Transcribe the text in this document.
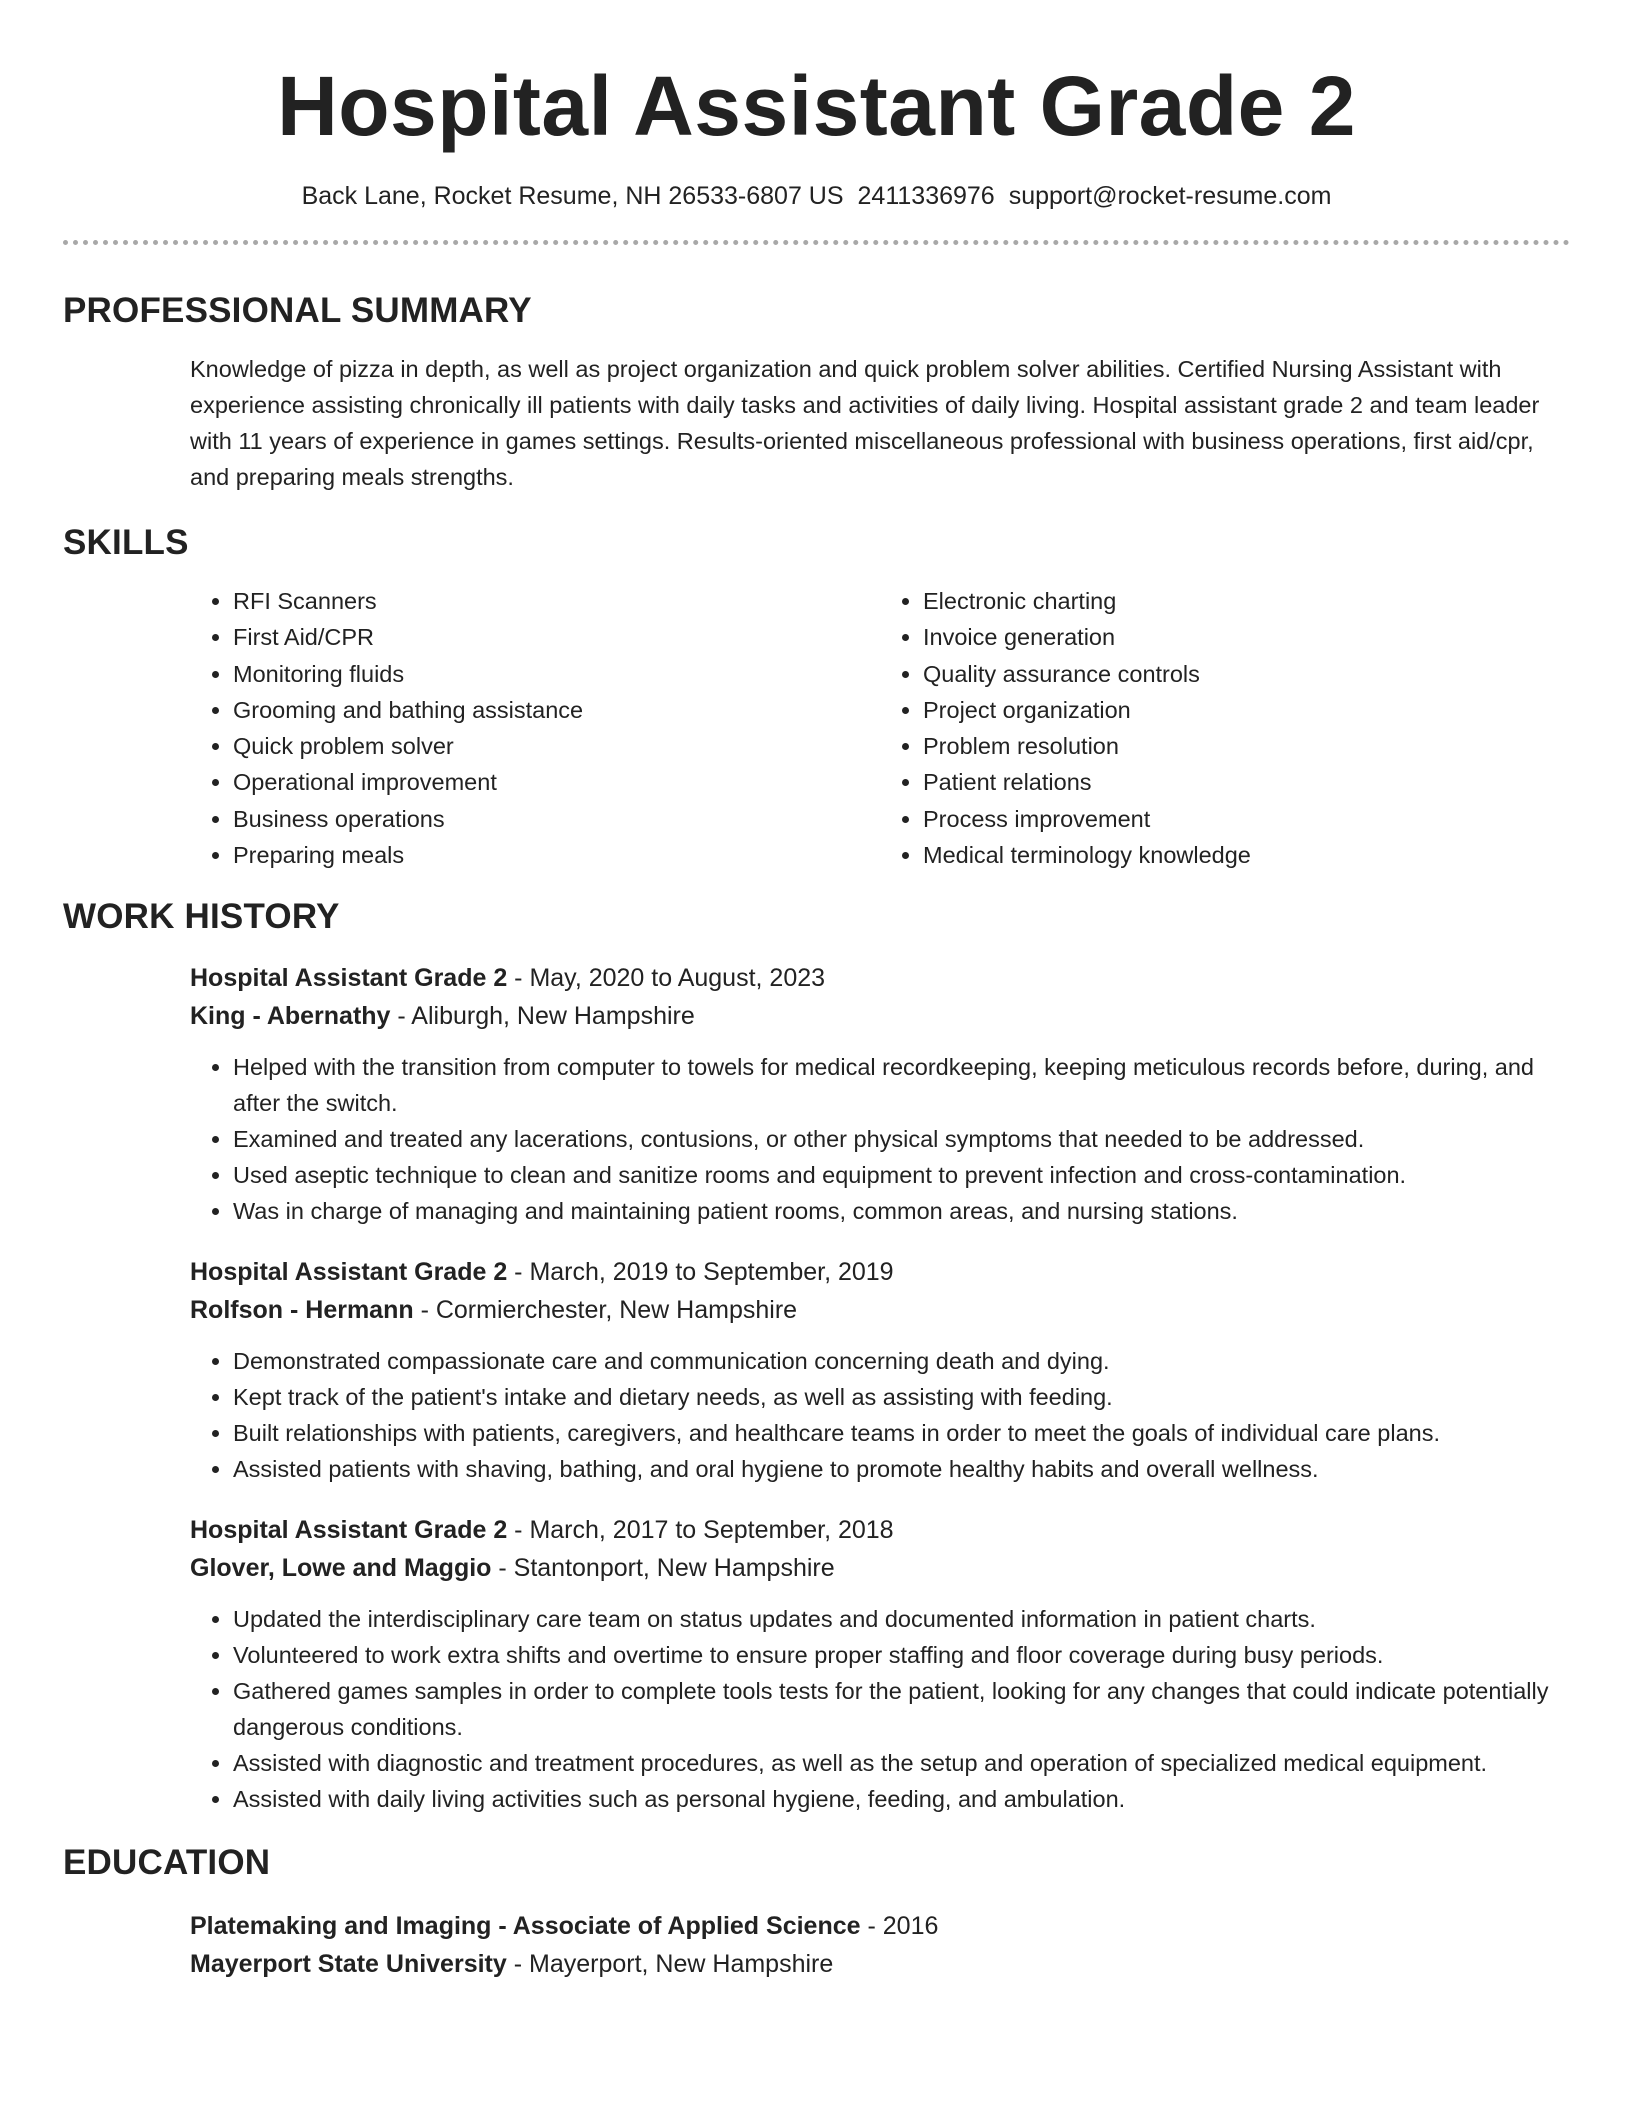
Hospital Assistant Grade 2
Back Lane, Rocket Resume, NH 26533-6807 US 2411336976 support@rocket-resume.com
PROFESSIONAL SUMMARY
Knowledge of pizza in depth, as well as project organization and quick problem solver abilities. Certified Nursing Assistant with experience assisting chronically ill patients with daily tasks and activities of daily living. Hospital assistant grade 2 and team leader with 11 years of experience in games settings. Results-oriented miscellaneous professional with business operations, first aid/cpr, and preparing meals strengths.
SKILLS
• RFI Scanners
• First Aid/CPR
• Monitoring fluids
• Grooming and bathing assistance
• Quick problem solver
• Operational improvement
• Business operations
• Preparing meals
• Electronic charting
• Invoice generation
• Quality assurance controls
• Project organization
• Problem resolution
• Patient relations
• Process improvement
• Medical terminology knowledge
WORK HISTORY
Hospital Assistant Grade 2 - May, 2020 to August, 2023
King - Abernathy - Aliburgh, New Hampshire
• Helped with the transition from computer to towels for medical recordkeeping, keeping meticulous records before, during, and after the switch.
• Examined and treated any lacerations, contusions, or other physical symptoms that needed to be addressed.
• Used aseptic technique to clean and sanitize rooms and equipment to prevent infection and cross-contamination.
• Was in charge of managing and maintaining patient rooms, common areas, and nursing stations.
Hospital Assistant Grade 2 - March, 2019 to September, 2019
Rolfson - Hermann - Cormierchester, New Hampshire
• Demonstrated compassionate care and communication concerning death and dying.
• Kept track of the patient's intake and dietary needs, as well as assisting with feeding.
• Built relationships with patients, caregivers, and healthcare teams in order to meet the goals of individual care plans.
• Assisted patients with shaving, bathing, and oral hygiene to promote healthy habits and overall wellness.
Hospital Assistant Grade 2 - March, 2017 to September, 2018
Glover, Lowe and Maggio - Stantonport, New Hampshire
• Updated the interdisciplinary care team on status updates and documented information in patient charts.
• Volunteered to work extra shifts and overtime to ensure proper staffing and floor coverage during busy periods.
• Gathered games samples in order to complete tools tests for the patient, looking for any changes that could indicate potentially dangerous conditions.
• Assisted with diagnostic and treatment procedures, as well as the setup and operation of specialized medical equipment.
• Assisted with daily living activities such as personal hygiene, feeding, and ambulation.
EDUCATION
Platemaking and Imaging - Associate of Applied Science - 2016
Mayerport State University - Mayerport, New Hampshire
